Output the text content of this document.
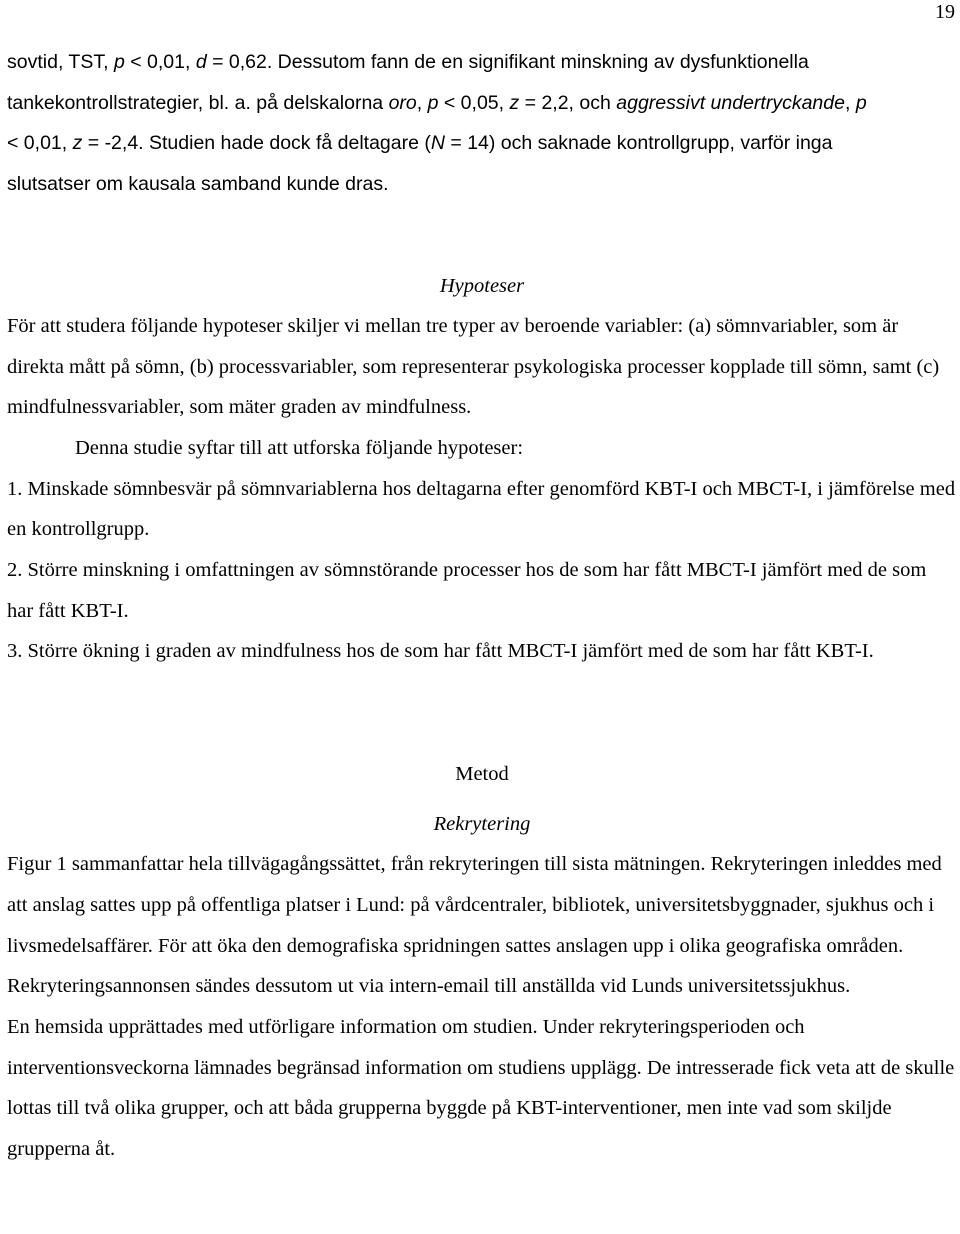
19

sovtid, TST, p < 0,01, d = 0,62. Dessutom fann de en signifikant minskning av dysfunktionella
tankekontrollstrategier, bl. a. på delskalorna oro, p < 0,05, z = 2,2, och aggressivt undertryckande, p
< 0,01, z = -2,4. Studien hade dock få deltagare (N = 14) och saknade kontrollgrupp, varför inga
slutsatser om kausala samband kunde dras.

Hypoteser

För att studera följande hypoteser skiljer vi mellan tre typer av beroende variabler: (a) sömnvariabler, som är direkta mått på sömn, (b) processvariabler, som representerar psykologiska processer kopplade till sömn, samt (c) mindfulnessvariabler, som mäter graden av mindfulness.

Denna studie syftar till att utforska följande hypoteser:

1. Minskade sömnbesvär på sömnvariablerna hos deltagarna efter genomförd KBT-I och MBCT-I, i jämförelse med en kontrollgrupp.

2. Större minskning i omfattningen av sömnstörande processer hos de som har fått MBCT-I jämfört med de som har fått KBT-I.

3. Större ökning i graden av mindfulness hos de som har fått MBCT-I jämfört med de som har fått KBT-I.

Metod
Rekrytering

Figur 1 sammanfattar hela tillvägagångssättet, från rekryteringen till sista mätningen. Rekryteringen inleddes med att anslag sattes upp på offentliga platser i Lund: på vårdcentraler, bibliotek, universitetsbyggnader, sjukhus och i livsmedelsaffärer. För att öka den demografiska spridningen sattes anslagen upp i olika geografiska områden. Rekryteringsannonsen sändes dessutom ut via intern-email till anställda vid Lunds universitetssjukhus.

En hemsida upprättades med utförligare information om studien. Under rekryteringsperioden och interventionsveckorna lämnades begränsad information om studiens upplägg. De intresserade fick veta att de skulle lottas till två olika grupper, och att båda grupperna byggde på KBT-interventioner, men inte vad som skiljde grupperna åt.
